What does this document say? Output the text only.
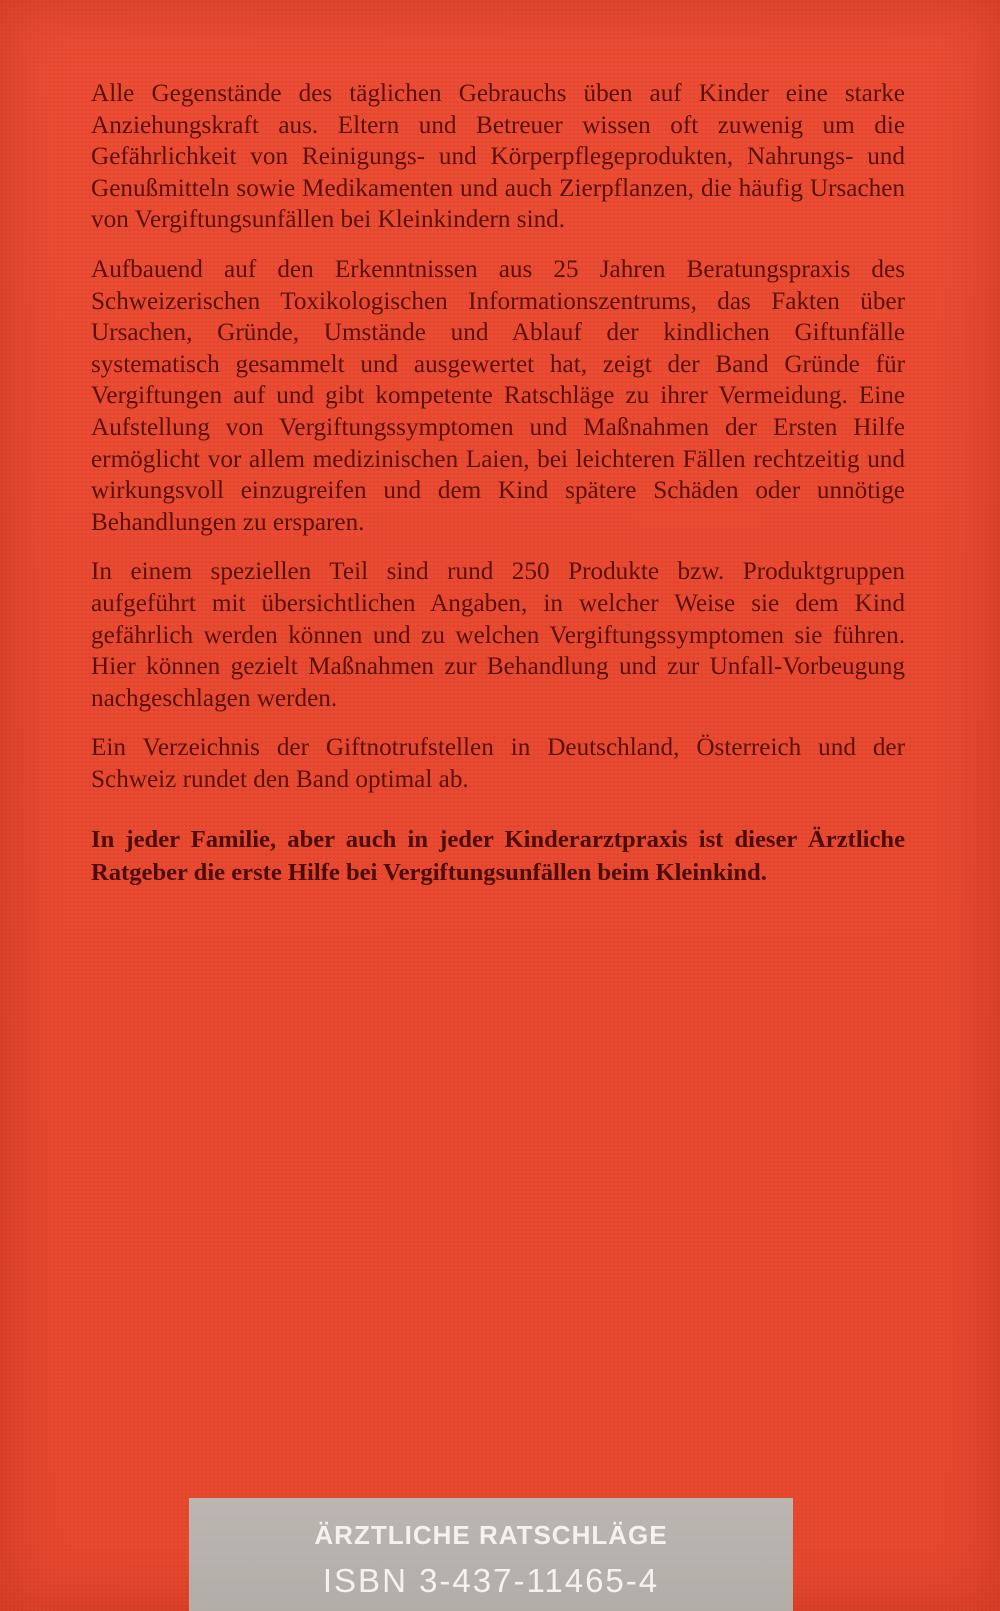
Alle Gegenstände des täglichen Gebrauchs üben auf Kinder eine starke Anziehungskraft aus. Eltern und Betreuer wissen oft zuwenig um die Gefährlichkeit von Reinigungs- und Körperpflegeprodukten, Nahrungs- und Genußmitteln sowie Medikamenten und auch Zierpflanzen, die häufig Ursachen von Vergiftungsunfällen bei Kleinkindern sind.

Aufbauend auf den Erkenntnissen aus 25 Jahren Beratungspraxis des Schweizerischen Toxikologischen Informationszentrums, das Fakten über Ursachen, Gründe, Umstände und Ablauf der kindlichen Giftunfälle systematisch gesammelt und ausgewertet hat, zeigt der Band Gründe für Vergiftungen auf und gibt kompetente Ratschläge zu ihrer Vermeidung. Eine Aufstellung von Vergiftungssymptomen und Maßnahmen der Ersten Hilfe ermöglicht vor allem medizinischen Laien, bei leichteren Fällen rechtzeitig und wirkungsvoll einzugreifen und dem Kind spätere Schäden oder unnötige Behandlungen zu ersparen.

In einem speziellen Teil sind rund 250 Produkte bzw. Produktgruppen aufgeführt mit übersichtlichen Angaben, in welcher Weise sie dem Kind gefährlich werden können und zu welchen Vergiftungssymptomen sie führen. Hier können gezielt Maßnahmen zur Behandlung und zur Unfall-Vorbeugung nachgeschlagen werden.

Ein Verzeichnis der Giftnotrufstellen in Deutschland, Österreich und der Schweiz rundet den Band optimal ab.

In jeder Familie, aber auch in jeder Kinderarztpraxis ist dieser Ärztliche Ratgeber die erste Hilfe bei Vergiftungsunfällen beim Kleinkind.

ÄRZTLICHE RATSCHLÄGE
ISBN 3-437-11465-4
